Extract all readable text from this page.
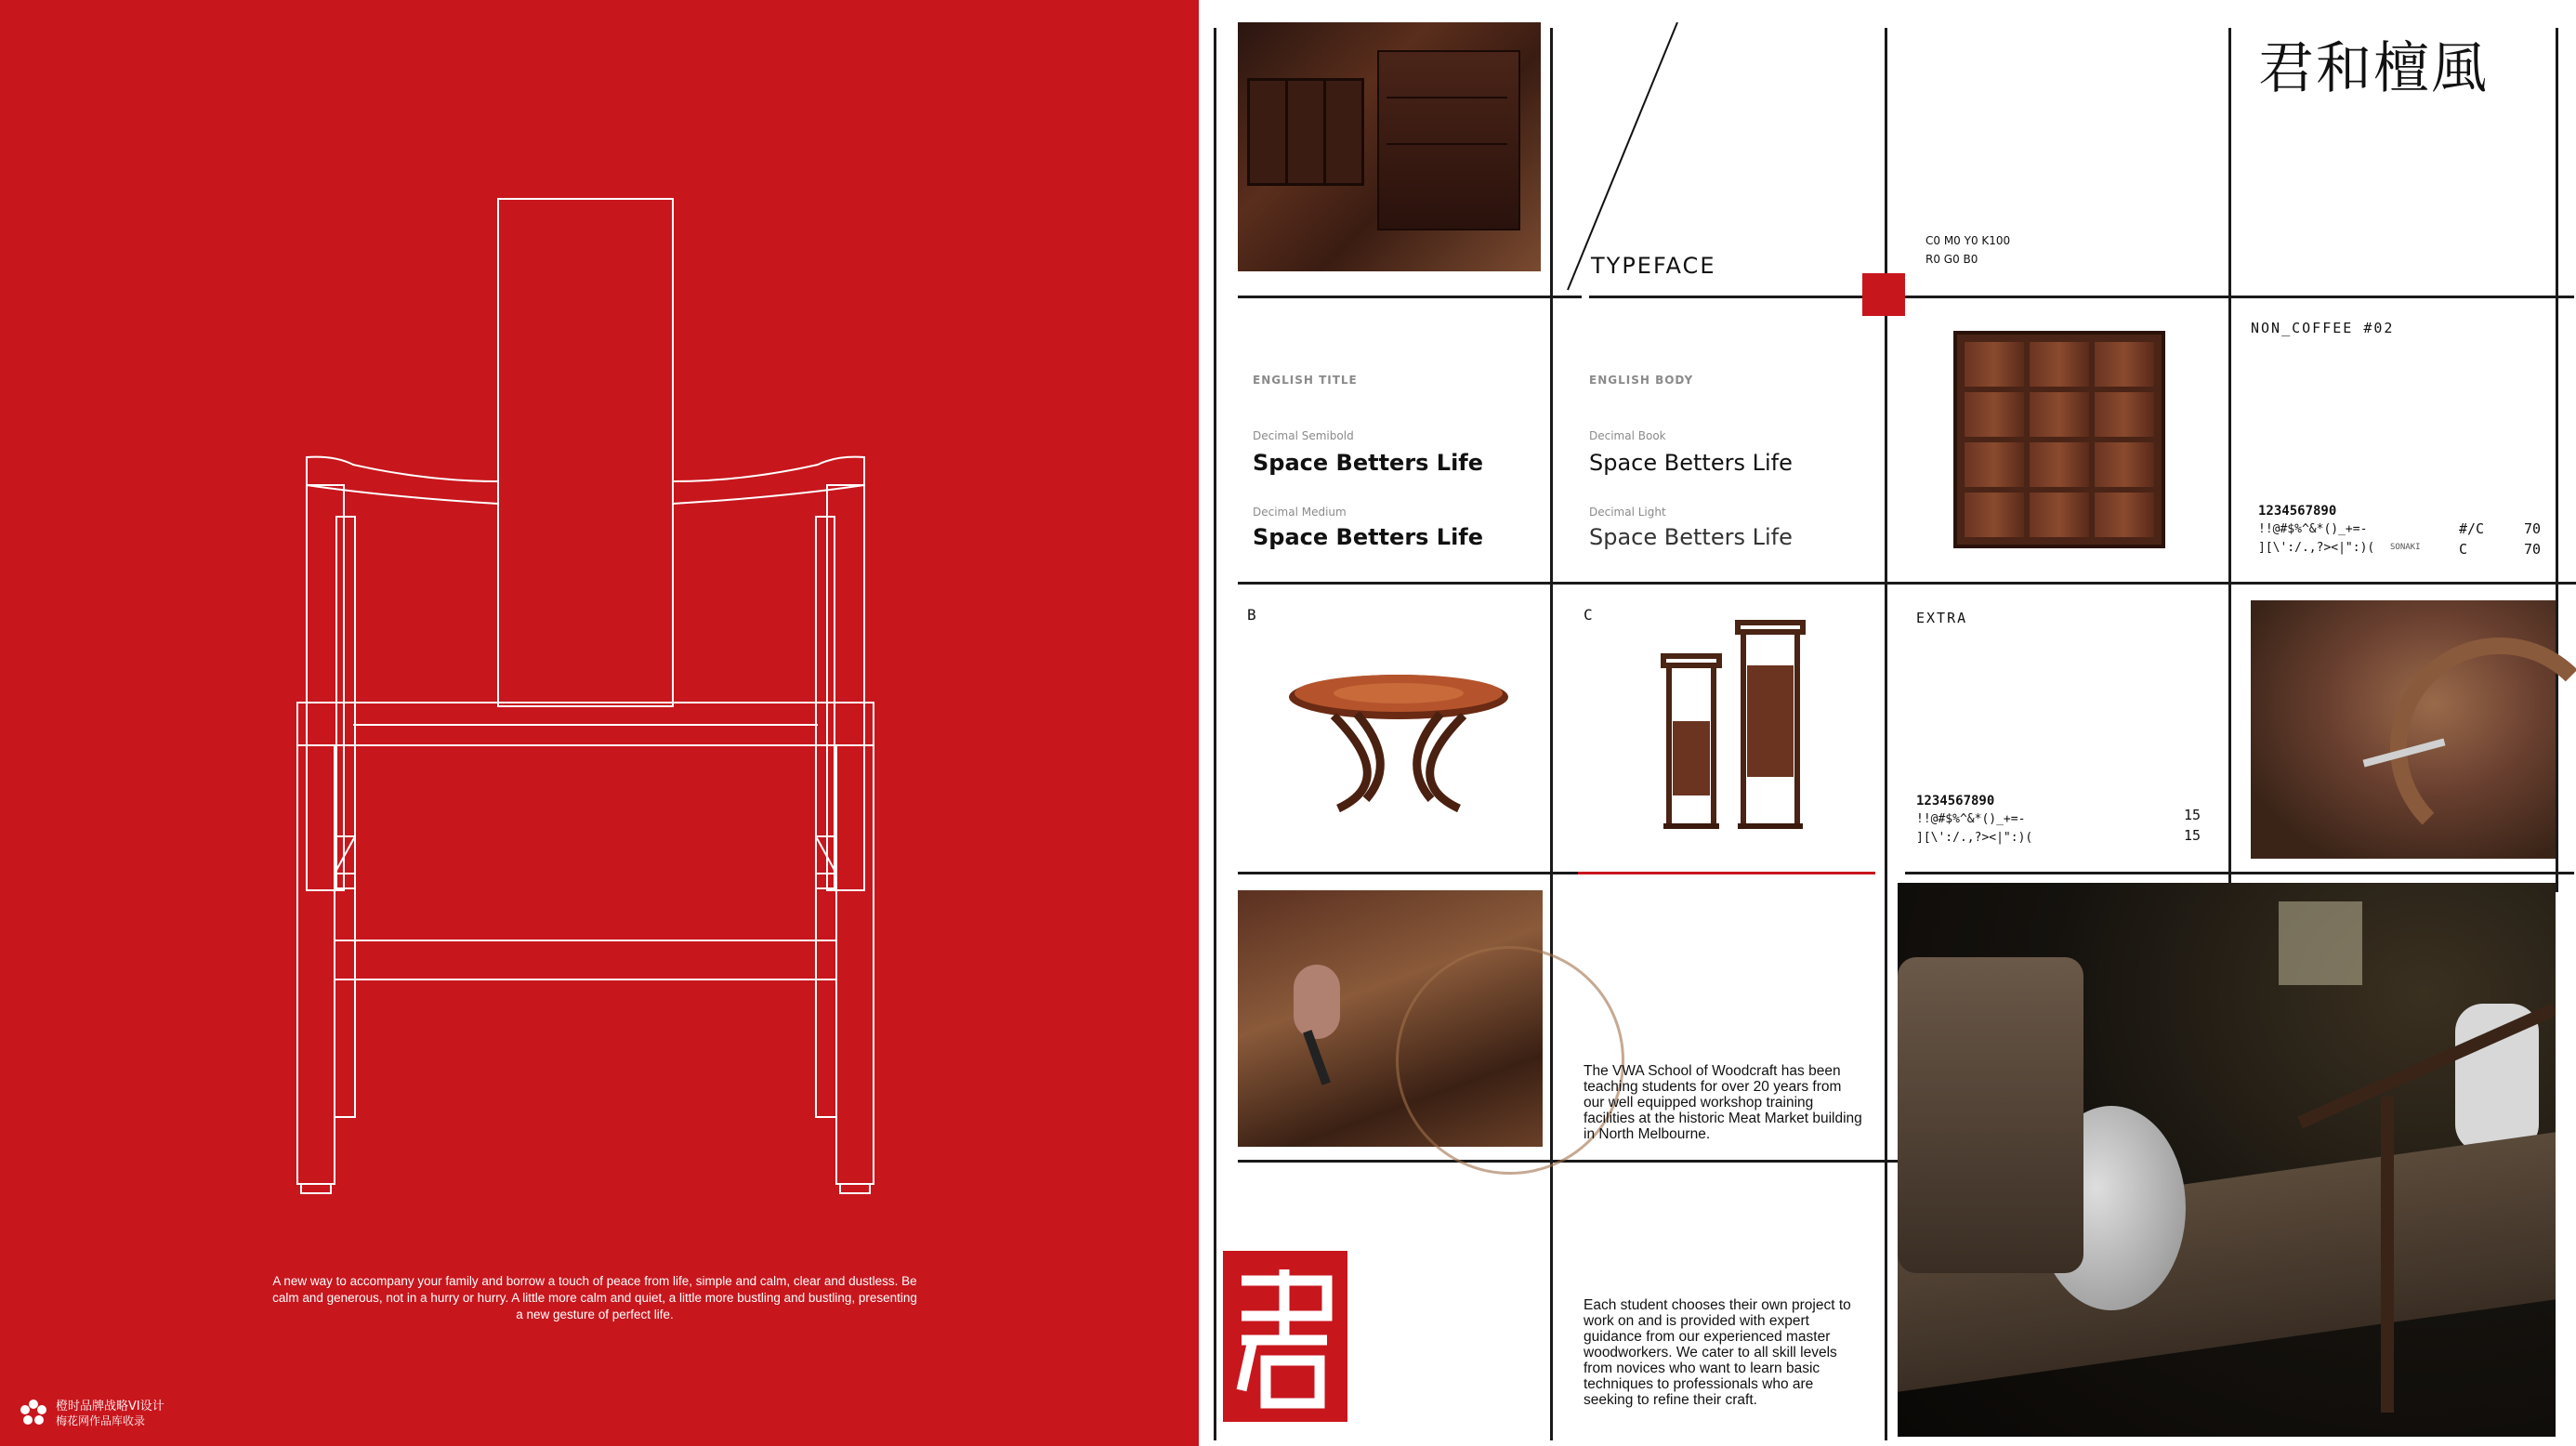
A new way to accompany your family and borrow a touch of peace from life, simple and calm, clear and dustless. Be calm and generous, not in a hurry or hurry. A little more calm and quiet, a little more bustling and bustling, presenting a new gesture of perfect life.
橙时品牌战略VI设计
梅花网作品库收录
TYPEFACE
C0 M0 Y0 K100
R0 G0 B0
君和檀風
ENGLISH TITLE
Decimal Semibold
Space Betters Life
Decimal Medium
Space Betters Life
ENGLISH BODY
Decimal Book
Space Betters Life
Decimal Light
Space Betters Life
NON_COFFEE #02
1234567890
!!@#$%^&*()_+=-
][\':/.,?><|":)( SONAKI
#/C	70
C	70
B	C	EXTRA
1234567890
!!@#$%^&*()_+=-
][\':/.,?><|":)(
15
15
The VWA School of Woodcraft has been teaching students for over 20 years from our well equipped workshop training facilities at the historic Meat Market building in North Melbourne.
Each student chooses their own project to work on and is provided with expert guidance from our experienced master woodworkers. We cater to all skill levels from novices who want to learn basic techniques to professionals who are seeking to refine their craft.
